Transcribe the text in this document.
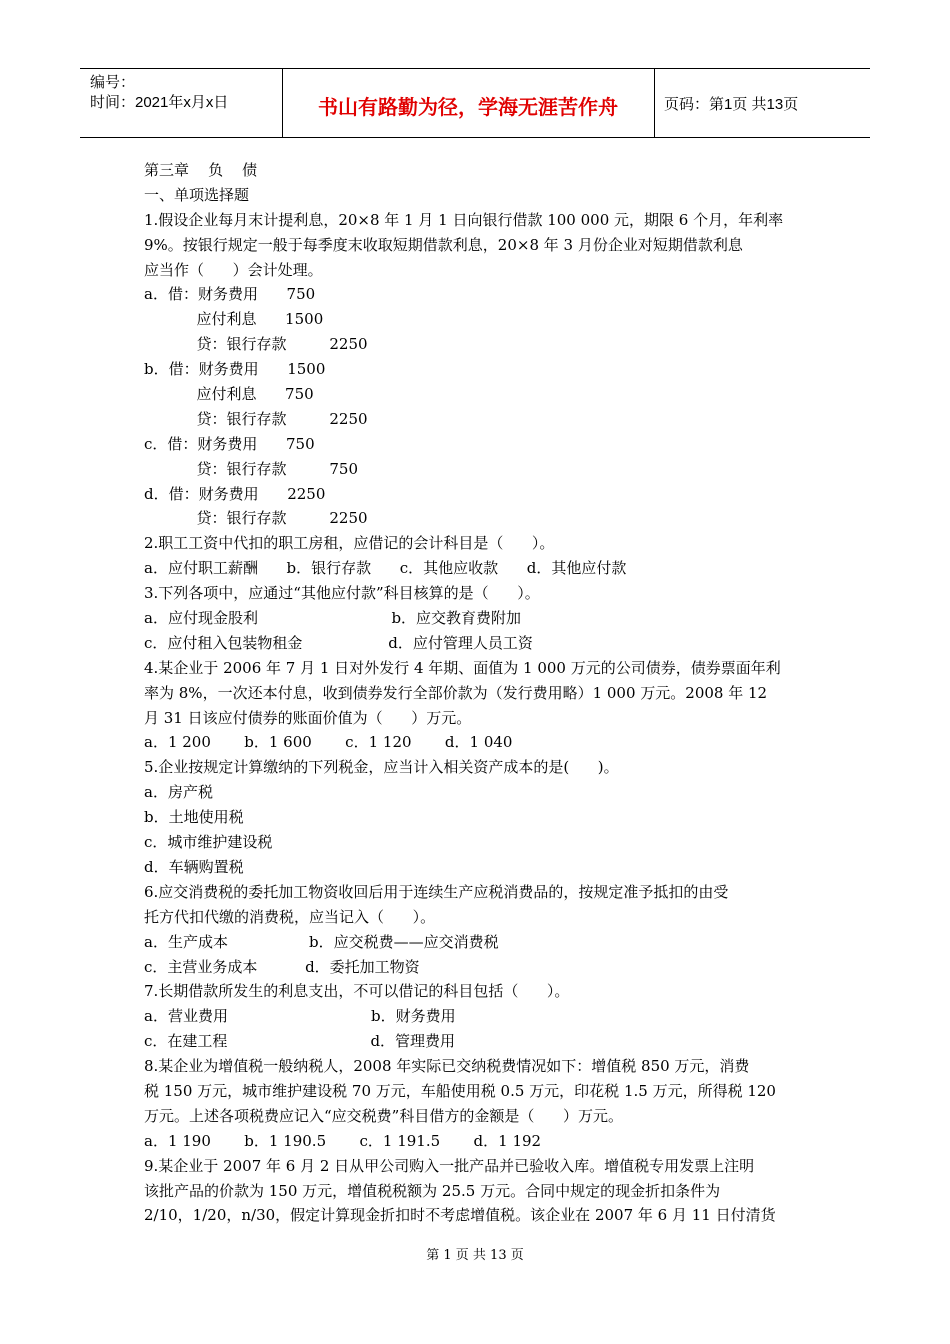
编号：
时间：2021年x月x日	书山有路勤为径，学海无涯苦作舟	页码：第1页 共13页
第三章    负    债
一、单项选择题
1.假设企业每月末计提利息，20×8 年 1 月 1 日向银行借款 100 000 元，期限 6 个月，年利率
9%。按银行规定一般于每季度末收取短期借款利息，20×8 年 3 月份企业对短期借款利息
应当作（      ）会计处理。
a．借：财务费用      750
应付利息      1500
贷：银行存款         2250
b．借：财务费用      1500
应付利息      750
贷：银行存款         2250
c．借：财务费用      750
贷：银行存款         750
d．借：财务费用      2250
贷：银行存款         2250
2.职工工资中代扣的职工房租，应借记的会计科目是（      ）。
a．应付职工薪酬      b．银行存款      c．其他应收款      d．其他应付款
3.下列各项中，应通过“其他应付款”科目核算的是（      ）。
a．应付现金股利                            b．应交教育费附加
c．应付租入包装物租金                  d．应付管理人员工资
4.某企业于 2006 年 7 月 1 日对外发行 4 年期、面值为 1 000 万元的公司债券，债券票面年利
率为 8%，一次还本付息，收到债券发行全部价款为（发行费用略）1 000 万元。2008 年 12
月 31 日该应付债券的账面价值为（      ）万元。
a．1 200       b．1 600       c．1 120       d．1 040
5.企业按规定计算缴纳的下列税金，应当计入相关资产成本的是(      )。
a．房产税
b．土地使用税
c．城市维护建设税
d．车辆购置税
6.应交消费税的委托加工物资收回后用于连续生产应税消费品的，按规定准予抵扣的由受
托方代扣代缴的消费税，应当记入（      ）。
a．生产成本                 b．应交税费——应交消费税
c．主营业务成本          d．委托加工物资
7.长期借款所发生的利息支出，不可以借记的科目包括（      ）。
a．营业费用                              b．财务费用
c．在建工程                              d．管理费用
8.某企业为增值税一般纳税人，2008 年实际已交纳税费情况如下：增值税 850 万元，消费
税 150 万元，城市维护建设税 70 万元，车船使用税 0.5 万元，印花税 1.5 万元，所得税 120
万元。上述各项税费应记入“应交税费”科目借方的金额是（      ）万元。
a．1 190       b．1 190.5       c．1 191.5       d．1 192
9.某企业于 2007 年 6 月 2 日从甲公司购入一批产品并已验收入库。增值税专用发票上注明
该批产品的价款为 150 万元，增值税税额为 25.5 万元。合同中规定的现金折扣条件为
2/10，1/20，n/30，假定计算现金折扣时不考虑增值税。该企业在 2007 年 6 月 11 日付清货
第 1 页 共 13 页
